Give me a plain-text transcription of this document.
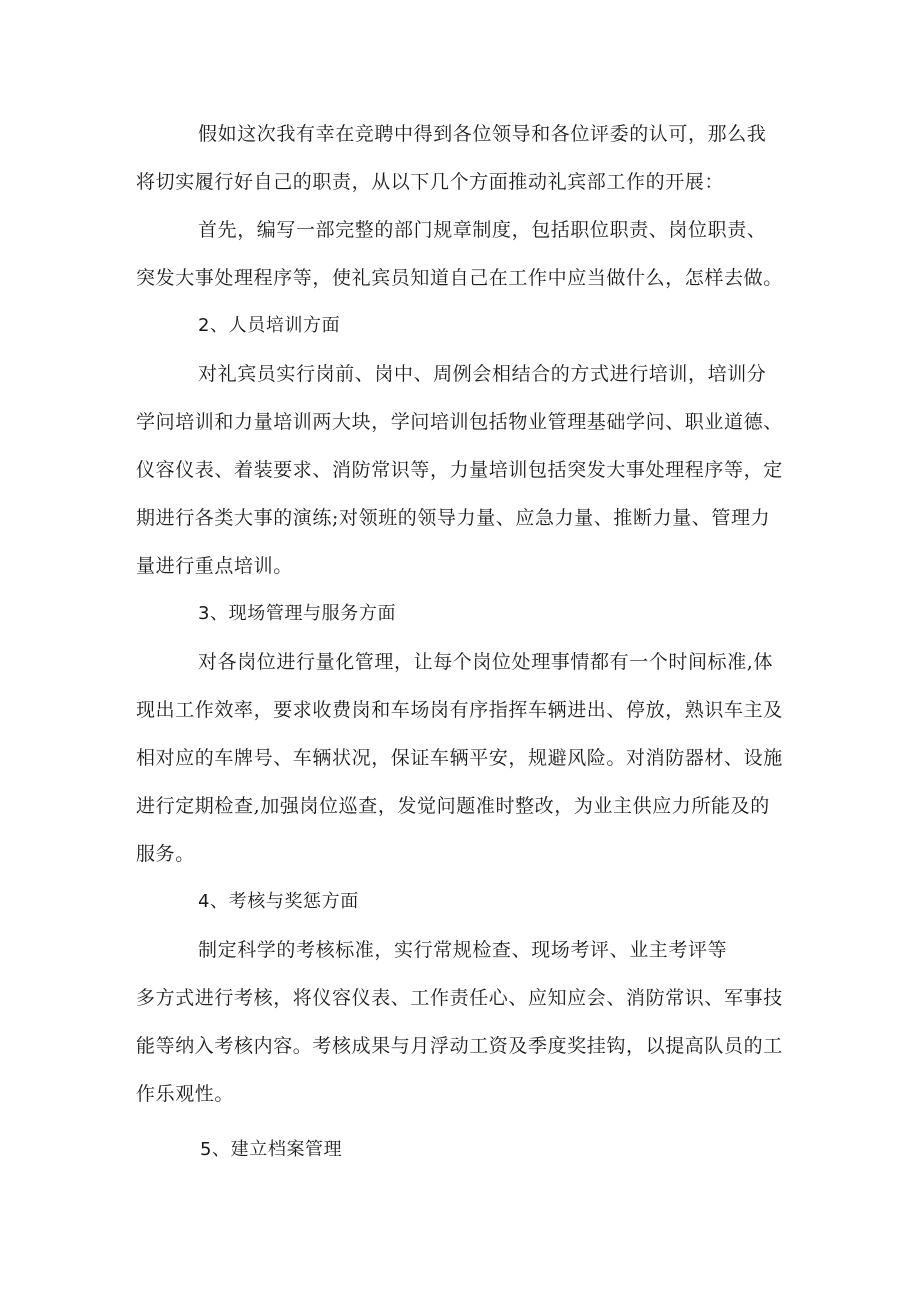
假如这次我有幸在竞聘中得到各位领导和各位评委的认可，那么我
将切实履行好自己的职责，从以下几个方面推动礼宾部工作的开展：
首先，编写一部完整的部门规章制度，包括职位职责、岗位职责、
突发大事处理程序等，使礼宾员知道自己在工作中应当做什么，怎样去做。
2、人员培训方面
对礼宾员实行岗前、岗中、周例会相结合的方式进行培训，培训分
学问培训和力量培训两大块，学问培训包括物业管理基础学问、职业道德、
仪容仪表、着装要求、消防常识等，力量培训包括突发大事处理程序等，定
期进行各类大事的演练;对领班的领导力量、应急力量、推断力量、管理力
量进行重点培训。
3、现场管理与服务方面
对各岗位进行量化管理，让每个岗位处理事情都有一个时间标准,体
现出工作效率，要求收费岗和车场岗有序指挥车辆进出、停放，熟识车主及
相对应的车牌号、车辆状况，保证车辆平安，规避风险。对消防器材、设施
进行定期检查,加强岗位巡查，发觉问题准时整改，为业主供应力所能及的
服务。
4、考核与奖惩方面
制定科学的考核标准，实行常规检查、现场考评、业主考评等
多方式进行考核，将仪容仪表、工作责任心、应知应会、消防常识、军事技
能等纳入考核内容。考核成果与月浮动工资及季度奖挂钩，以提高队员的工
作乐观性。
5、建立档案管理
